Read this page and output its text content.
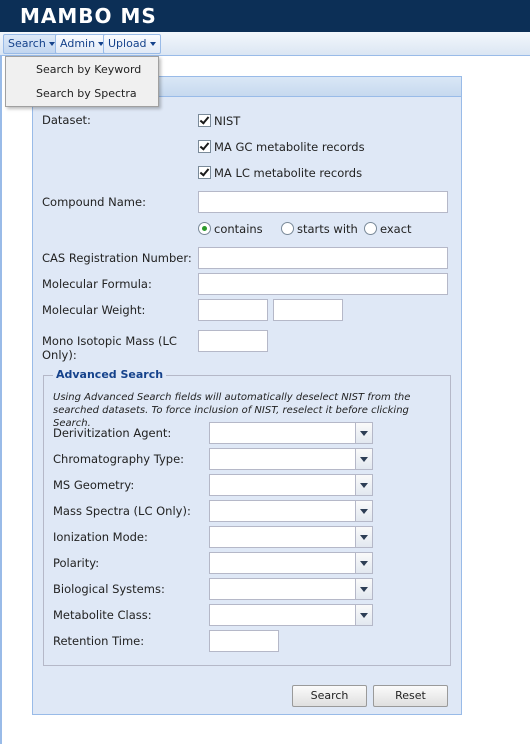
MAMBO MS
Search	Admin	Upload
Search by Keyword
Search by Spectra
Dataset:	NIST
MA GC metabolite records
MA LC metabolite records
Compound Name:
contains	starts with exact
CAS Registration Number:
Molecular Formula:
Molecular Weight:
Mono Isotopic Mass (LC Only):
Advanced Search
Using Advanced Search fields will automatically deselect NIST from the searched datasets. To force inclusion of NIST, reselect it before clicking Search.
Derivitization Agent:
Chromatography Type:
MS Geometry:
Mass Spectra (LC Only):
Ionization Mode:
Polarity:
Biological Systems:
Metabolite Class:
Retention Time:
Search	Reset
